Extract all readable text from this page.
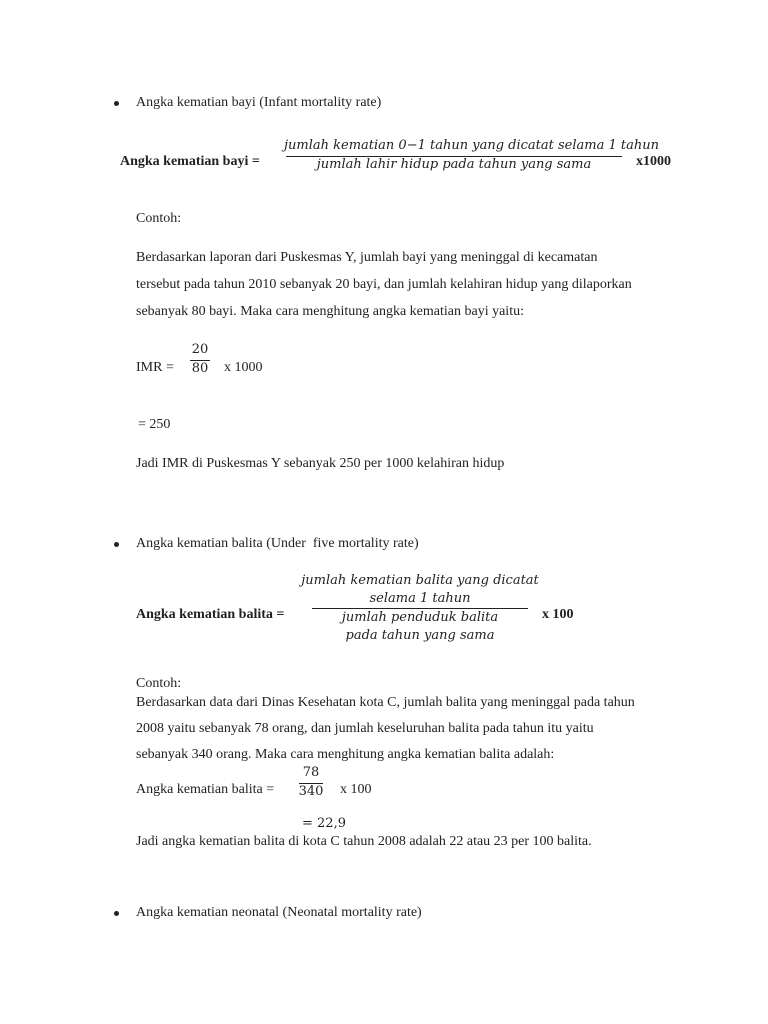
Angka kematian bayi (Infant mortality rate)
Angka kematian bayi =
jumlah kematian 0−1 tahun yang dicatat selama 1 tahun
jumlah lahir hidup pada tahun yang sama	x1000
Contoh:
Berdasarkan laporan dari Puskesmas Y, jumlah bayi yang meninggal di kecamatan
tersebut pada tahun 2010 sebanyak 20 bayi, dan jumlah kelahiran hidup yang dilaporkan
sebanyak 80 bayi. Maka cara menghitung angka kematian bayi yaitu:
IMR =
20
80 x 1000
= 250
Jadi IMR di Puskesmas Y sebanyak 250 per 1000 kelahiran hidup
Angka kematian balita (Under  five mortality rate)
Angka kematian balita =
jumlah kematian balita yang dicatat
selama 1 tahun
jumlah penduduk balita
pada tahun yang sama
x 100
Contoh:
Berdasarkan data dari Dinas Kesehatan kota C, jumlah balita yang meninggal pada tahun
2008 yaitu sebanyak 78 orang, dan jumlah keseluruhan balita pada tahun itu yaitu
sebanyak 340 orang. Maka cara menghitung angka kematian balita adalah:
Angka kematian balita =
78
340 x 100
= 22,9
Jadi angka kematian balita di kota C tahun 2008 adalah 22 atau 23 per 100 balita.
Angka kematian neonatal (Neonatal mortality rate)
